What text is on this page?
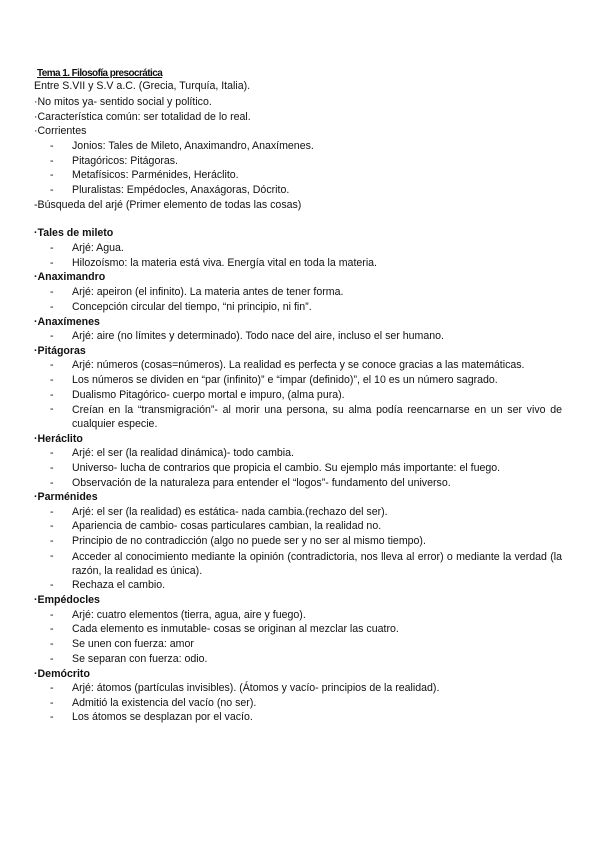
Tema 1. Filosofía presocrática
Entre S.VII y S.V a.C. (Grecia, Turquía, Italia).
·No mitos ya- sentido social y político.
·Característica común: ser totalidad de lo real.
·Corrientes
-	Jonios: Tales de Mileto, Anaximandro, Anaxímenes.
-	Pitagóricos: Pitágoras.
-	Metafísicos: Parménides, Heráclito.
-	Pluralistas: Empédocles, Anaxágoras, Dócrito.
-Búsqueda del arjé (Primer elemento de todas las cosas)
·Tales de mileto
-	Arjé: Agua.
-	Hilozoísmo: la materia está viva. Energía vital en toda la materia.
·Anaximandro
-	Arjé: apeiron (el infinito). La materia antes de tener forma.
-	Concepción circular del tiempo, “ni principio, ni fin”.
·Anaxímenes
-	Arjé: aire (no límites y determinado). Todo nace del aire, incluso el ser humano.
·Pitágoras
-	Arjé: números (cosas=números). La realidad es perfecta y se conoce gracias a las matemáticas.
-	Los números se dividen en “par (infinito)” e “impar (definido)”, el 10 es un número sagrado.
-	Dualismo Pitagórico- cuerpo mortal e impuro, (alma pura).
-	Creían en la “transmigración”- al morir una persona, su alma podía reencarnarse en un ser vivo de cualquier especie.
·Heráclito
-	Arjé: el ser (la realidad dinámica)- todo cambia.
-	Universo- lucha de contrarios que propicia el cambio. Su ejemplo más importante: el fuego.
-	Observación de la naturaleza para entender el “logos”- fundamento del universo.
·Parménides
-	Arjé: el ser (la realidad) es estática- nada cambia.(rechazo del ser).
-	Apariencia de cambio- cosas particulares cambian, la realidad no.
-	Principio de no contradicción (algo no puede ser y no ser al mismo tiempo).
-	Acceder al conocimiento mediante la opinión (contradictoria, nos lleva al error) o mediante la verdad (la razón, la realidad es única).
-	Rechaza el cambio.
·Empédocles
-	Arjé: cuatro elementos (tierra, agua, aire y fuego).
-	Cada elemento es inmutable- cosas se originan al mezclar las cuatro.
-	Se unen con fuerza: amor
-	Se separan con fuerza: odio.
·Demócrito
-	Arjé: átomos (partículas invisibles). (Átomos y vacío- principios de la realidad).
-	Admitió la existencia del vacío (no ser).
-	Los átomos se desplazan por el vacío.
